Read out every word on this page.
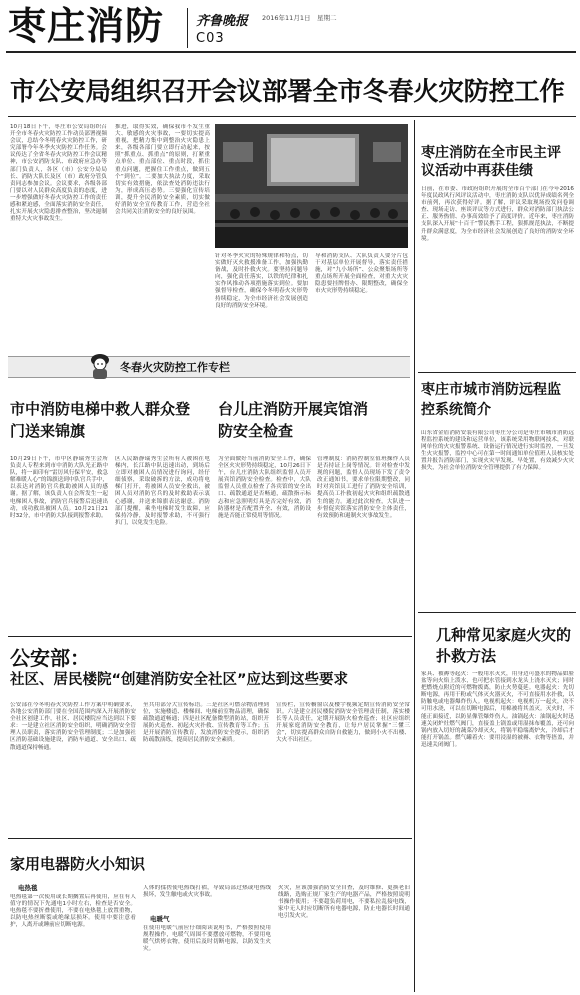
枣庄消防 齐鲁晚报 2016年11月1日　星期二
C03
市公安局组织召开会议部署全市冬春火灾防控工作
10月18日下午，枣庄市公安局组织召开全市冬春火灾防控工作动员部署视频会议，总结今冬明春火灾防控工作，研究部署今年冬季火灾防控工作任务。会议传达了全省冬春火灾防控工作会议精神，市公安消防支队、市政府应急办等部门负责人，各区（市）公安分局局长、消防大队长及区（市）政府分管负责同志参加会议。会议要求，各级各部门要以对人民群众高度负责的态度，进一步增强做好冬春火灾防控工作的责任感和紧迫感，全面落实消防安全责任，扎实开展火灾隐患排查整治，坚决遏制重特大火灾事故发生。
推进，取得实效，确保我市不发生重大、敏感的火灾事故，一要切实提高重视，把精力集中到整治火灾隐患上来，各级各部门要立即行动起来，按照“抓重点、抓重点”的原则，打紧重点单位、重点部位、重点时段，抓住重点问题，把握住工作重点，做到五个“到位”。二要加大执法力度，采取切实有效措施，依法查处消防违法行为，形成高压态势。三要强化宣传培训，提升全民消防安全素质，切实做好消防安全宣传教育工作，营造全社会共同关注消防安全的良好氛围。
针对冬季火灾的特殊规律和特点，切实做好灭火救援准备工作，加强执勤备战，及时扑救火灾。要坚持问题导向，强化责任落实，以铁的纪律和扎实作风推动各项措施落实到位。要加强督导检查，确保今冬明春火灾形势持续稳定，为全市经济社会发展创造良好的消防安全环境。
导和消防支队、大队负责人要分片包干对基层单位开展督导，落实责任措施，对“九小场所”、公众聚集场所等重点场所开展全面检查，对重大火灾隐患要挂牌督办、限期整改，确保全市火灾形势持续稳定。
冬春火灾防控工作专栏
市中消防电梯中救人群众登门送来锦旗
10月29日下午，市中区静瑞秀生会所负责人专程来到市中消防大队光正路中队，将一面印有“雷厉风行保平安，救急解难暖人心”的锦旗送到中队官兵手中，以表达对消防官兵救助被困人员的感谢。据了解，该负责人在会所发生一起电梯困人事故，消防官兵接警后迅速出动，成功救出被困人员。10月21日21时32分，市中消防大队接到报警求助。
区人民路静瑞秀生会所有人被困在电梯内，长江路中队迅速出动，到场后立即对被困人员情况进行询问，经仔细侦察，采取破拆的方法，成功将电梯门打开，将被困人员安全救出，被困人员对消防官兵的及时救助表示衷心感谢，并送来锦旗表达谢意。消防部门提醒，乘坐电梯时发生故障，应保持冷静，及时报警求助，不可强行扒门，以免发生危险。
台儿庄消防开展宾馆消防安全检查
为全面做好当前消防安全工作，确保全区火灾形势持续稳定，10月26日下午，台儿庄消防大队组织监督人员开展宾馆消防安全检查。检查中，大队监督人员重点检查了各宾馆的安全出口、疏散通道是否畅通，疏散指示标志和应急照明灯具是否完好有效，消防器材是否配置齐全、有效，消防设施是否能正常使用等情况。
管理制度：消防控制室值班操作人员是否持证上岗等情况。针对检查中发现的问题，监督人员现场下发了责令改正通知书，要求单位限期整改，同时对宾馆员工进行了消防安全培训，提高员工扑救初起火灾和组织疏散逃生的能力。通过此次检查，大队进一步督促宾馆落实消防安全主体责任，有效预防和遏制火灾事故发生。
公安部：
社区、居民楼院“创建消防安全社区”应达到这些要求
公安部在今冬明春火灾防控工作方案中明确要求，各地公安消防部门要在全国范围内深入开展消防安全社区创建工作，社区、居民楼院应当达到以下要求：一是建立社区消防安全组织，明确消防安全管理人员职责，落实消防安全管理制度；二是加强社区消防基础设施建设，消防车通道、安全出口、疏散通道保持畅通。
至共用部分大宣传标语。三是社区可燃杂物清理到位，实施楼道、楼梯间、电梯前室物品清理，确保疏散通道畅通；四是社区配备微型消防站，组织开展防火巡查、初起火灾扑救、宣传教育等工作；五是开展消防宣传教育，发放消防安全提示，组织消防疏散演练，提高居民消防安全素质。
宣传栏，宣传橱窗以及楼宇视频定期宣传消防安全常识。六是建立居民楼院消防安全管理责任制，落实楼长等人员责任，定期开展防火检查巡查；社区应组织开展家庭消防安全教育，让每户居民掌握“三懂三会”，切实提高群众自防自救能力，做到小火不出楼、大火不出社区。
家用电器防火小知识
电热毯
电热毯第一次使用或长期搁置后再使用，应在有人值守的情况下先通电1小时左右，检查是否安全。电热毯不要折叠使用，不要在电热毯上放置重物，以防电热丝断裂或绝缘层损坏。使用中要注意看护，人离开或睡前应切断电源。
人体的揉搓使电热线打褶，导致局部过热或电热线损坏，发生触电或火灾事故。
电暖气
在使用电暖气前应仔细阅读说明书，严格按照使用规程操作，电暖气周围不要摆放可燃物，不要用电暖气烘烤衣物，使用后及时切断电源，以防发生火灾。
火灾，应该加强消防安全自查，及时维修、更换老旧线路，选购正规厂家生产的电器产品，严格按照说明书操作使用；不要超负荷用电，不要私拉乱接电线，家中无人时应切断所有电器电源，防止电器长时间通电引发火灾。
枣庄消防在全市民主评议活动中再获佳绩
日前，在市委、市政府组织开展的全市百个部门在今年2016年度民政风行风评议活动中，枣庄消防支队以优异成绩名列全市前列，再次获得好评。据了解，评议采取现场投发问卷调查、现场走访、座谈评议等方式进行，群众对消防部门执法公正、服务热情、办事高效给予了高度评价。近年来，枣庄消防支队深入开展“十百千”警民携手工程，狠抓规范执法，不断提升群众满意度，为全市经济社会发展创造了良好的消防安全环境。
枣庄市城市消防远程监控系统简介
山东省金盾消防安装有限公司枣庄分公司是枣庄市城市消防远程监控系统的建设和运营单位，该系统采用物联网技术，对联网单位的火灾报警系统、设备运行情况进行实时监控，一旦发生火灾报警，监控中心可在第一时间通知单位值班人员核实处置并报告消防部门，实现火灾早发现、早处置，有效减少火灾损失，为社会单位消防安全管理提供了有力保障。
几种常见家庭火灾的扑救方法
家具、被褥等起火：一般用水灭火，用身边可盛水的物品如脸盆等向火焰上泼水，也可把水管接到水龙头上浇水灭火；同时把燃烧点附近的可燃物拨离，防止火势蔓延。电器起火：先切断电源，再用干粉或气体灭火器灭火，不可直接用水扑救，以防触电或电器爆炸伤人。电视机起火：电视机万一起火，决不可用水浇，可以在切断电源后，用棉被将其盖灭。灭火时，不能正面接近，以防显像管爆炸伤人。油锅起火：油锅起火时迅速关闭炉灶燃气阀门，直接盖上锅盖或用湿抹布覆盖，还可向锅内放入切好的蔬菜冷却灭火，将锅平稳端离炉火，冷却后才能打开锅盖。燃气罐着火：要用浸湿的被褥、衣物等捂盖，并迅速关闭阀门。
